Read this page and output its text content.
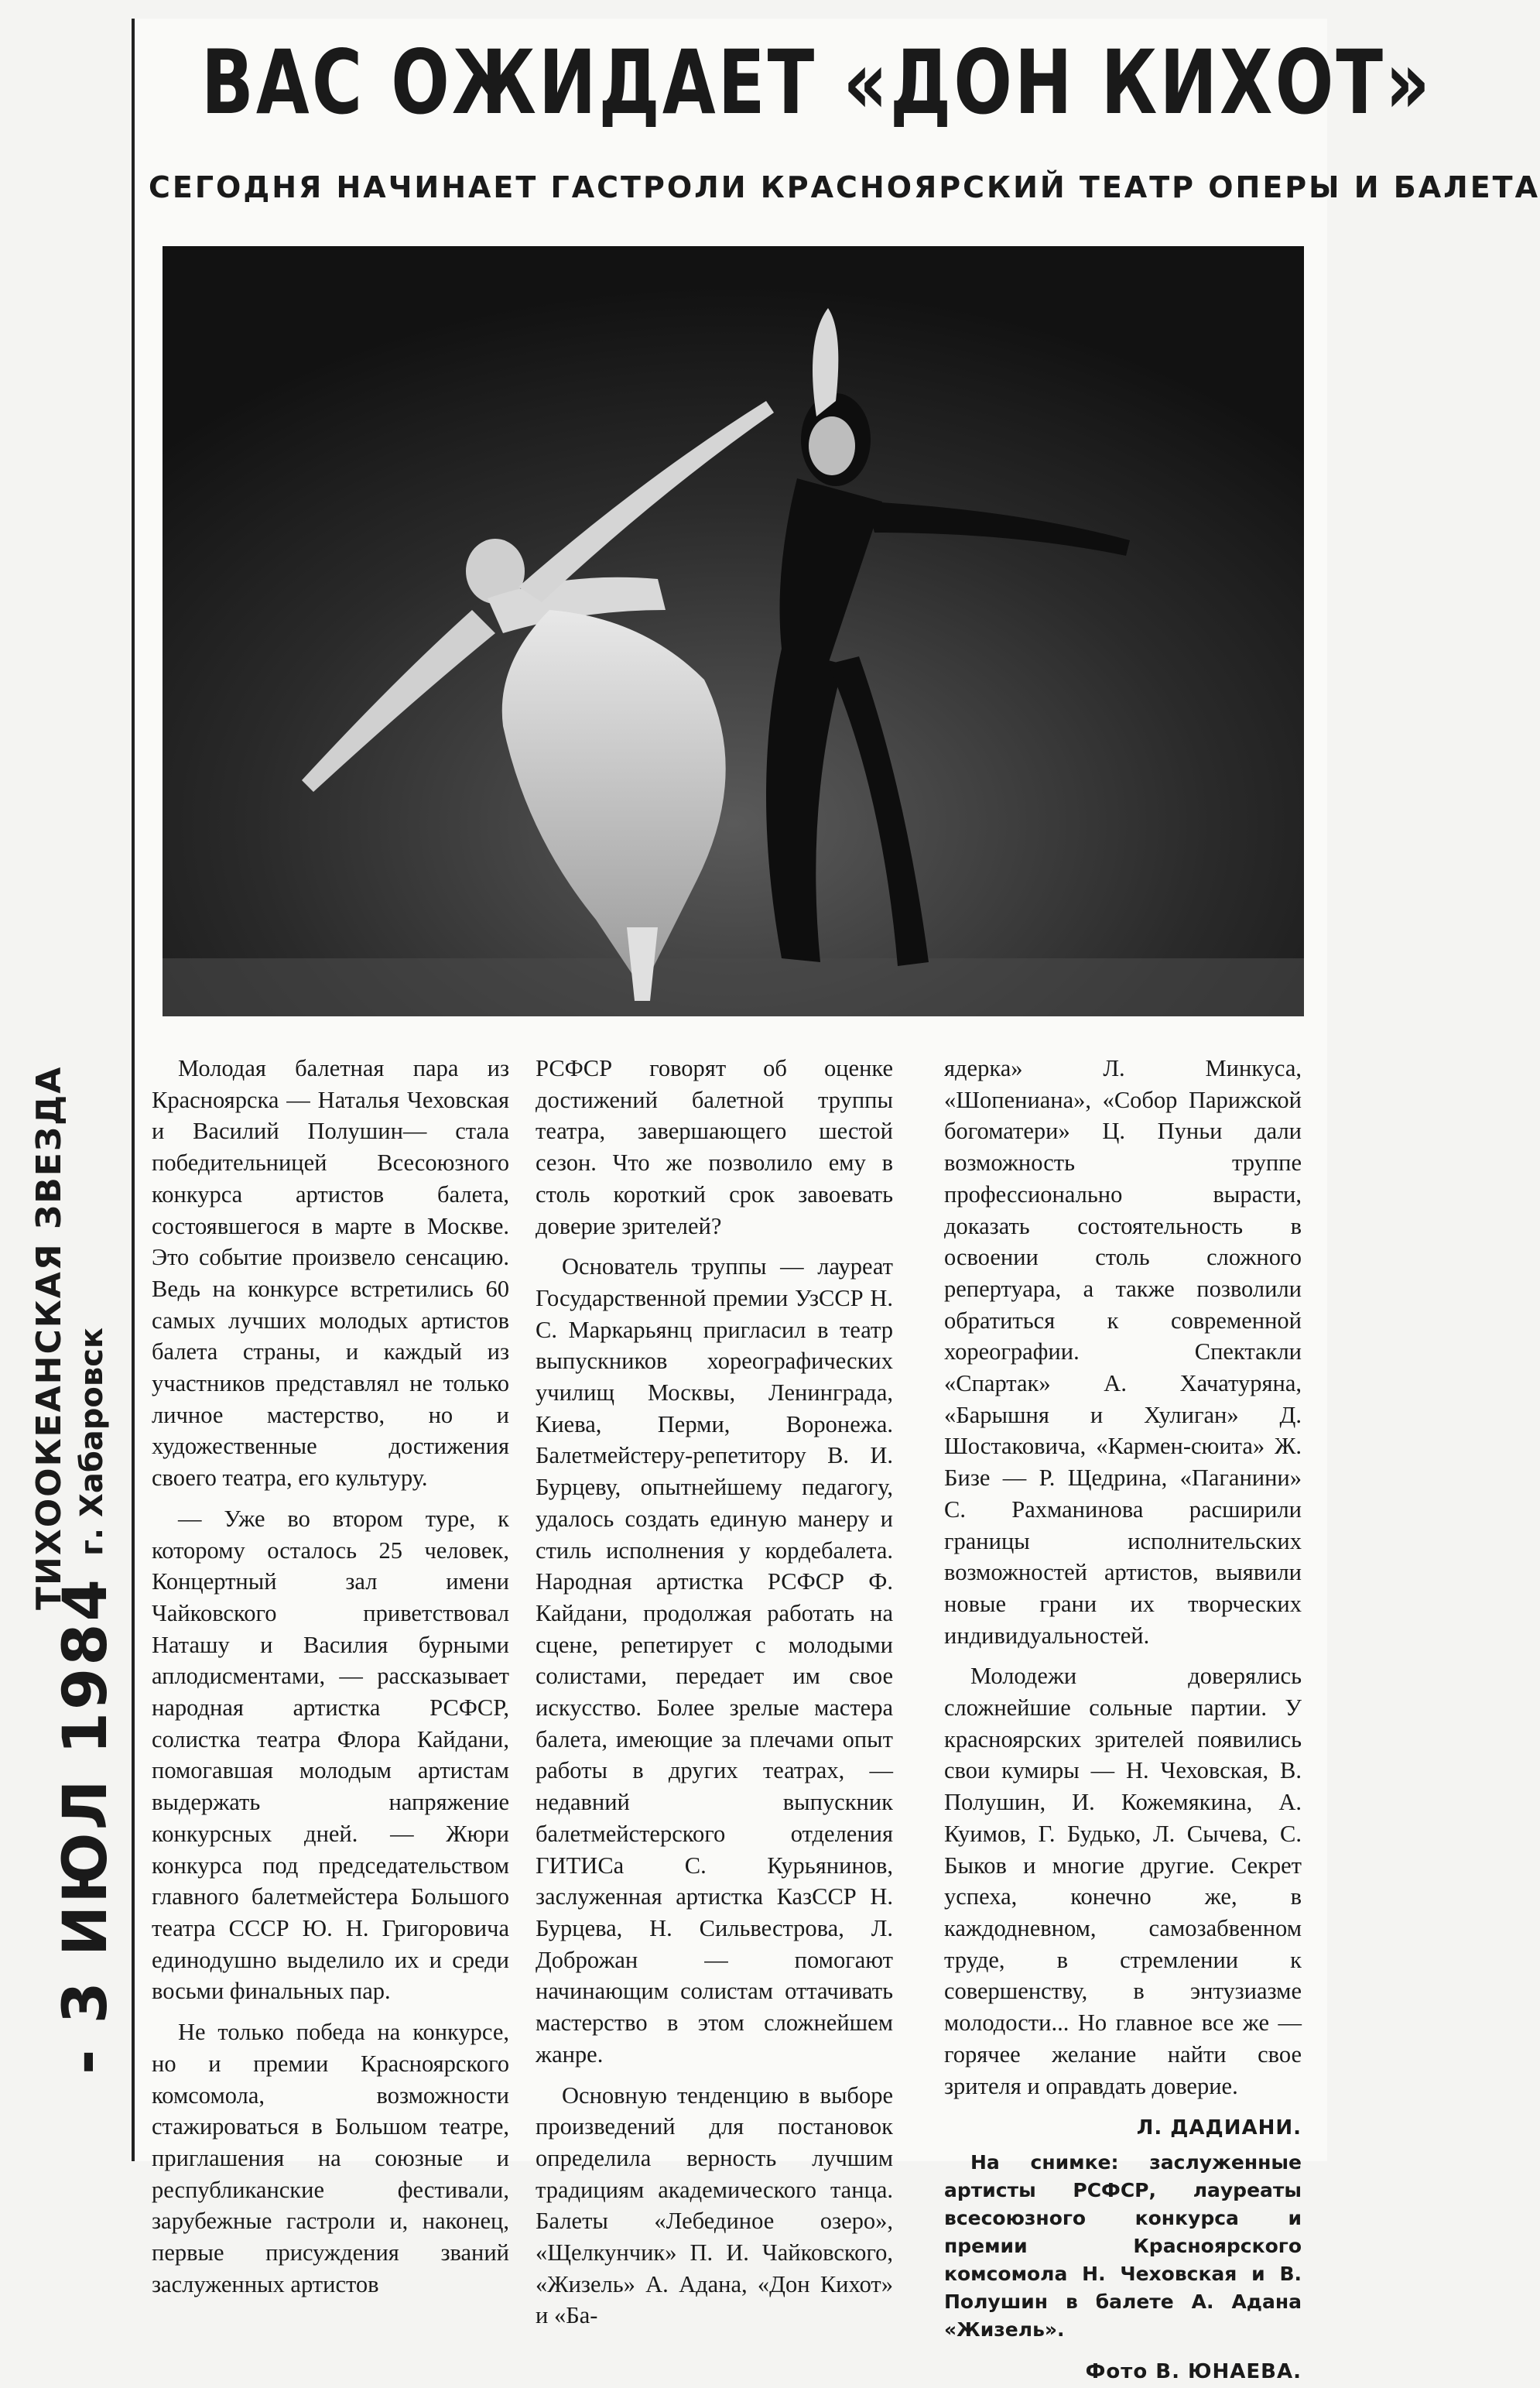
ВАС ОЖИДАЕТ «ДОН КИХОТ»
СЕГОДНЯ НАЧИНАЕТ ГАСТРОЛИ КРАСНОЯРСКИЙ ТЕАТР ОПЕРЫ И БАЛЕТА
ТИХООКЕАНСКАЯ ЗВЕЗДА г. Хабаровск
- 3 ИЮЛ 1984

Молодая балетная пара из Красноярска — Наталья Чеховская и Василий Полушин— стала победительницей Всесоюзного конкурса артистов балета, состоявшегося в марте в Москве. Это событие произвело сенсацию. Ведь на конкурсе встретились 60 самых лучших молодых артистов балета страны, и каждый из участников представлял не только личное мастерство, но и художественные достижения своего театра, его культуру.

— Уже во втором туре, к которому осталось 25 человек, Концертный зал имени Чайковского приветствовал Наташу и Василия бурными аплодисментами, — рассказывает народная артистка РСФСР, солистка театра Флора Кайдани, помогавшая молодым артистам выдержать напряжение конкурсных дней. — Жюри конкурса под председательством главного балетмейстера Большого театра СССР Ю. Н. Григоровича единодушно выделило их и среди восьми финальных пар.

Не только победа на конкурсе, но и премии Красноярского комсомола, возможности стажироваться в Большом театре, приглашения на союзные и республиканские фестивали, зарубежные гастроли и, наконец, первые присуждения званий заслуженных артистов

РСФСР говорят об оценке достижений балетной труппы театра, завершающего шестой сезон. Что же позволило ему в столь короткий срок завоевать доверие зрителей?

Основатель труппы — лауреат Государственной премии УзССР Н. С. Маркарьянц пригласил в театр выпускников хореографических училищ Москвы, Ленинграда, Киева, Перми, Воронежа. Балетмейстеру-репетитору В. И. Бурцеву, опытнейшему педагогу, удалось создать единую манеру и стиль исполнения у кордебалета. Народная артистка РСФСР Ф. Кайдани, продолжая работать на сцене, репетирует с молодыми солистами, передает им свое искусство. Более зрелые мастера балета, имеющие за плечами опыт работы в других театрах, — недавний выпускник балетмейстерского отделения ГИТИСа С. Курьянинов, заслуженная артистка КазССР Н. Бурцева, Н. Сильвестрова, Л. Доброжан — помогают начинающим солистам оттачивать мастерство в этом сложнейшем жанре.

Основную тенденцию в выборе произведений для постановок определила верность лучшим традициям академического танца. Балеты «Лебединое озеро», «Щелкунчик» П. И. Чайковского, «Жизель» А. Адана, «Дон Кихот» и «Ба-

ядерка» Л. Минкуса, «Шопениана», «Собор Парижской богоматери» Ц. Пуньи дали возможность труппе профессионально вырасти, доказать состоятельность в освоении столь сложного репертуара, а также позволили обратиться к современной хореографии. Спектакли «Спартак» А. Хачатуряна, «Барышня и Хулиган» Д. Шостаковича, «Кармен-сюита» Ж. Бизе — Р. Щедрина, «Паганини» С. Рахманинова расширили границы исполнительских возможностей артистов, выявили новые грани их творческих индивидуальностей.

Молодежи доверялись сложнейшие сольные партии. У красноярских зрителей появились свои кумиры — Н. Чеховская, В. Полушин, И. Кожемякина, А. Куимов, Г. Будько, Л. Сычева, С. Быков и многие другие. Секрет успеха, конечно же, в каждодневном, самозабвенном труде, в стремлении к совершенству, в энтузиазме молодости... Но главное все же — горячее желание найти свое зрителя и оправдать доверие.

Л. ДАДИАНИ.
На снимке: заслуженные артисты РСФСР, лауреаты всесоюзного конкурса и премии Красноярского комсомола Н. Чеховская и В. Полушин в балете А. Адана «Жизель».
Фото В. ЮНАЕВА.
